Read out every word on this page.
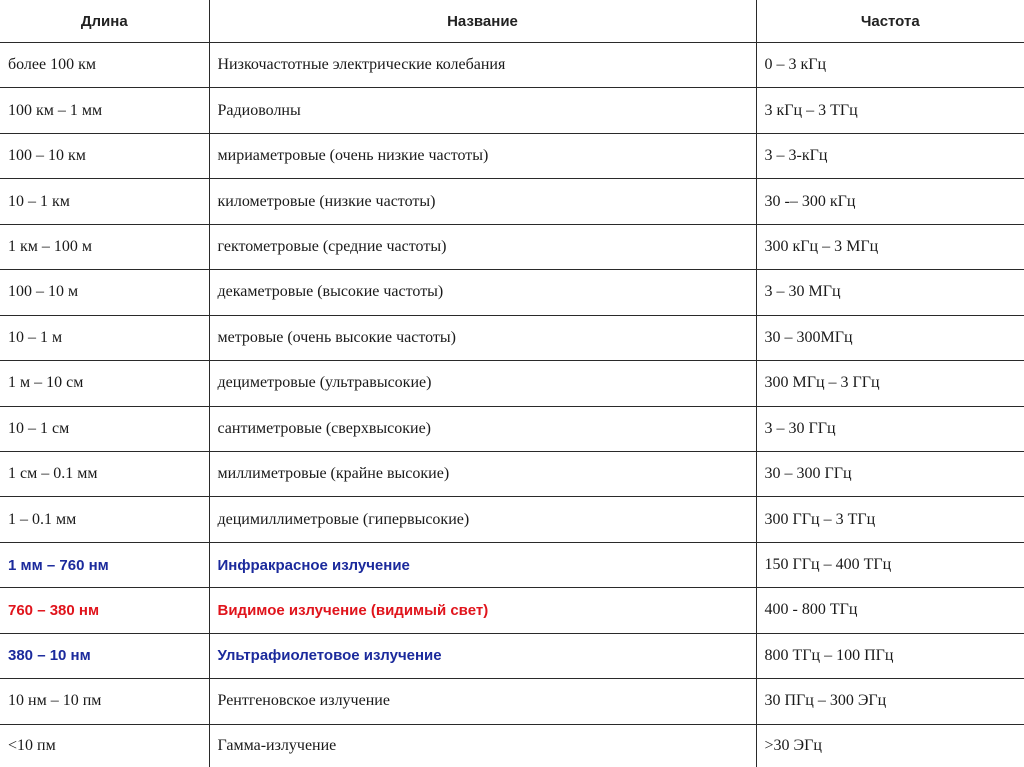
Длина	Название	Частота
более 100 км	Низкочастотные электрические колебания	0 – 3 кГц
100 км – 1 мм	Радиоволны	3 кГц – 3 ТГц
100 – 10 км	мириаметровые (очень низкие частоты)	3 – 3-кГц
10 – 1 км	километровые (низкие частоты)	30 -– 300 кГц
1 км – 100 м	гектометровые (средние частоты)	300 кГц – 3 МГц
100 – 10 м	декаметровые (высокие частоты)	3 – 30 МГц
10 – 1 м	метровые (очень высокие частоты)	30 – 300МГц
1 м – 10 см	дециметровые (ультравысокие)	300 МГц – 3 ГГц
10 – 1 см	сантиметровые (сверхвысокие)	3 – 30 ГГц
1 см – 0.1 мм	миллиметровые (крайне высокие)	30 – 300 ГГц
1 – 0.1 мм	децимиллиметровые (гипервысокие)	300 ГГц – 3 ТГц
1 мм – 760 нм	Инфракрасное излучение	150 ГГц – 400 ТГц
760 – 380 нм	Видимое излучение (видимый свет)	400 - 800 ТГц
380 – 10 нм	Ультрафиолетовое излучение	800 ТГц – 100 ПГц
10 нм – 10 пм	Рентгеновское излучение	30 ПГц – 300 ЭГц
<10 пм	Гамма-излучение	>30 ЭГц
